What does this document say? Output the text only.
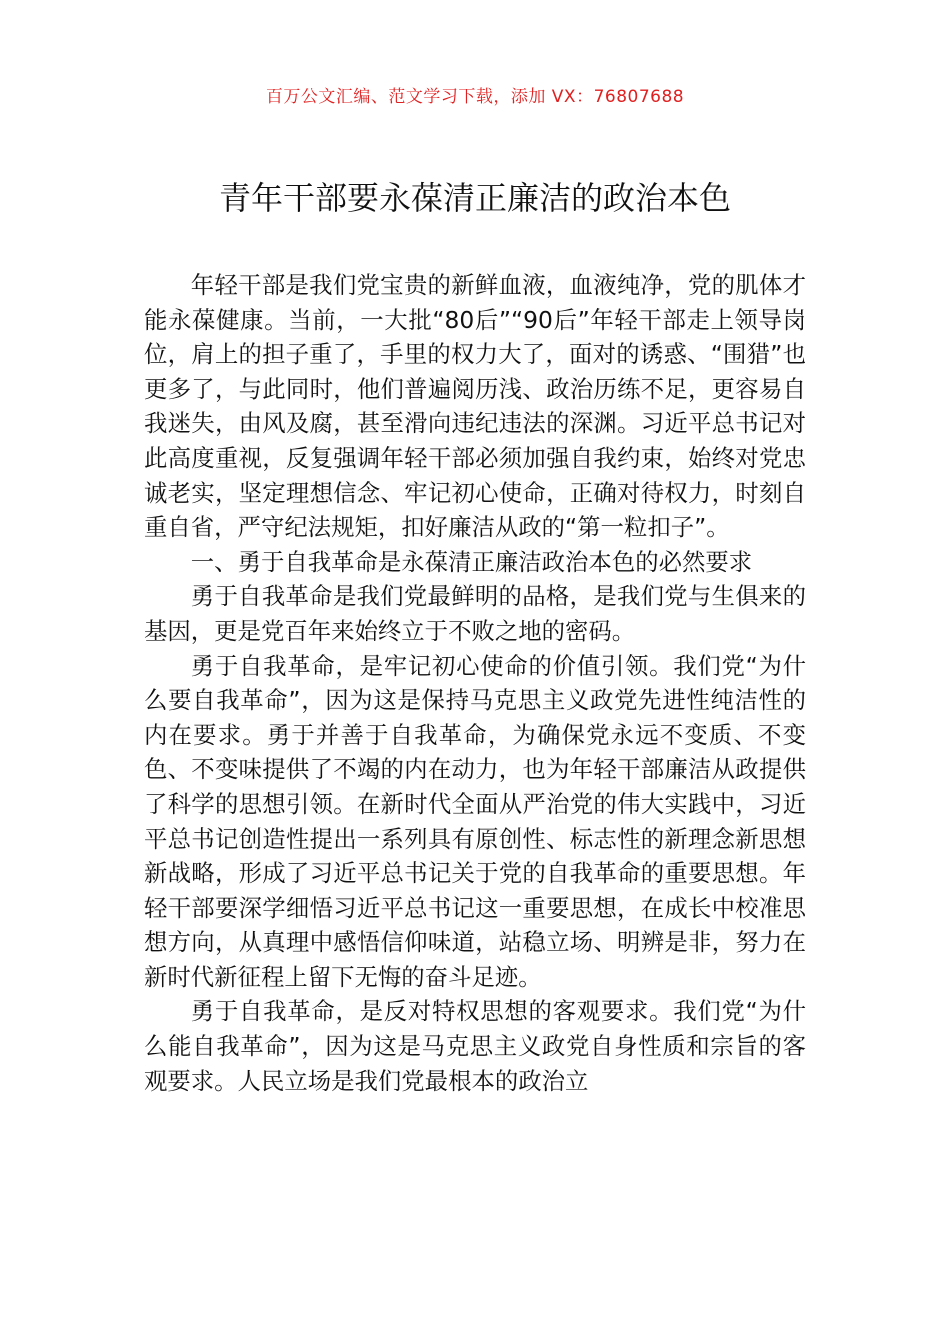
百万公文汇编、范文学习下载，添加 VX：76807688
青年干部要永葆清正廉洁的政治本色

年轻干部是我们党宝贵的新鲜血液，血液纯净，党的肌体才能永葆健康。当前，一大批“80后”“90后”年轻干部走上领导岗位，肩上的担子重了，手里的权力大了，面对的诱惑、“围猎”也更多了，与此同时，他们普遍阅历浅、政治历练不足，更容易自我迷失，由风及腐，甚至滑向违纪违法的深渊。习近平总书记对此高度重视，反复强调年轻干部必须加强自我约束，始终对党忠诚老实，坚定理想信念、牢记初心使命，正确对待权力，时刻自重自省，严守纪法规矩，扣好廉洁从政的“第一粒扣子”。

一、勇于自我革命是永葆清正廉洁政治本色的必然要求

勇于自我革命是我们党最鲜明的品格，是我们党与生俱来的基因，更是党百年来始终立于不败之地的密码。

勇于自我革命，是牢记初心使命的价值引领。我们党“为什么要自我革命”，因为这是保持马克思主义政党先进性纯洁性的内在要求。勇于并善于自我革命，为确保党永远不变质、不变色、不变味提供了不竭的内在动力，也为年轻干部廉洁从政提供了科学的思想引领。在新时代全面从严治党的伟大实践中，习近平总书记创造性提出一系列具有原创性、标志性的新理念新思想新战略，形成了习近平总书记关于党的自我革命的重要思想。年轻干部要深学细悟习近平总书记这一重要思想，在成长中校准思想方向，从真理中感悟信仰味道，站稳立场、明辨是非，努力在新时代新征程上留下无悔的奋斗足迹。

勇于自我革命，是反对特权思想的客观要求。我们党“为什么能自我革命”，因为这是马克思主义政党自身性质和宗旨的客观要求。人民立场是我们党最根本的政治立
